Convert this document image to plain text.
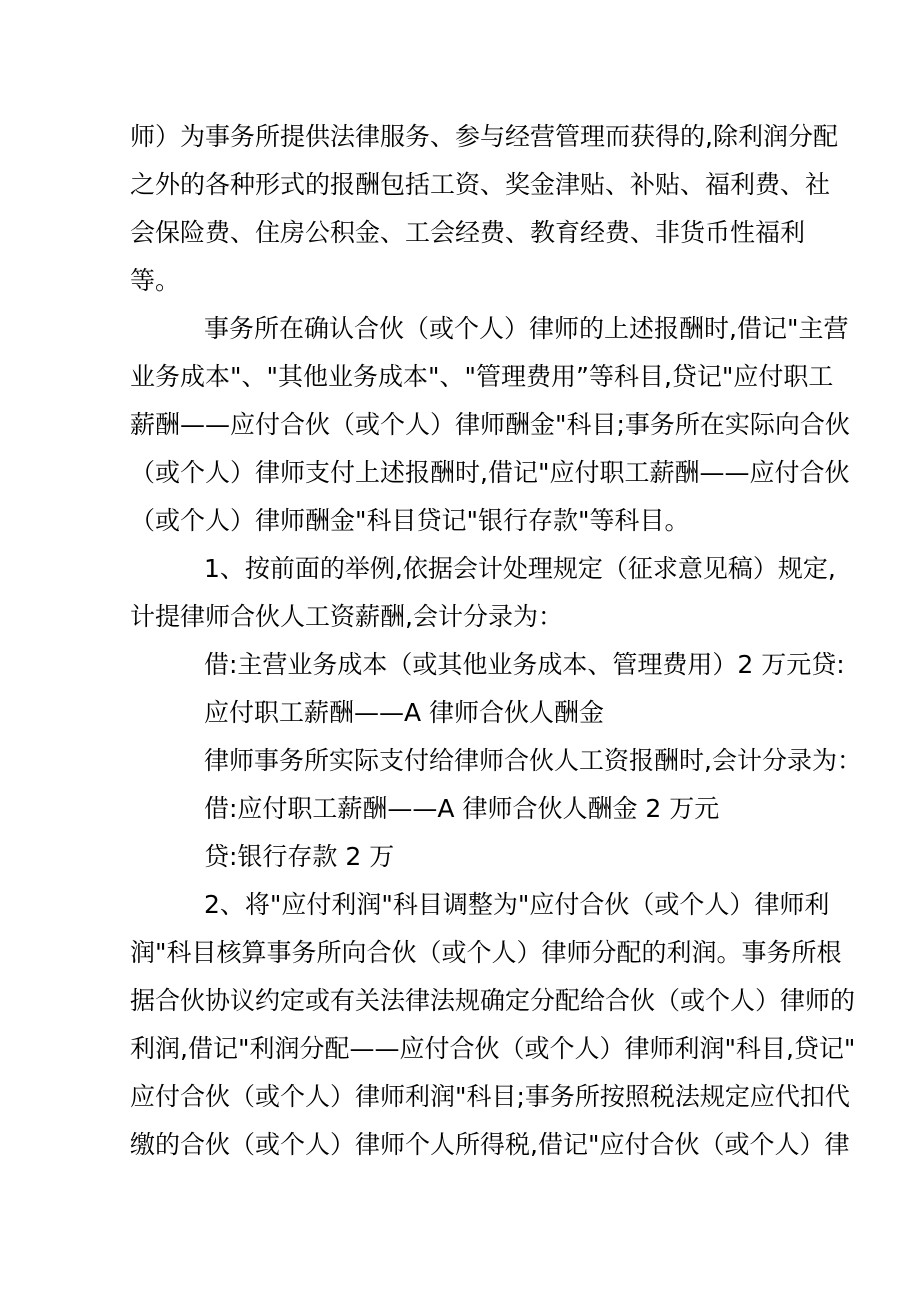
师）为事务所提供法律服务、参与经营管理而获得的,除利润分配
之外的各种形式的报酬包括工资、奖金津贴、补贴、福利费、社
会保险费、住房公积金、工会经费、教育经费、非货币性福利
等。
事务所在确认合伙（或个人）律师的上述报酬时,借记"主营
业务成本"、"其他业务成本"、"管理费用”等科目,贷记"应付职工
薪酬——应付合伙（或个人）律师酬金"科目;事务所在实际向合伙
（或个人）律师支付上述报酬时,借记"应付职工薪酬——应付合伙
（或个人）律师酬金"科目贷记"银行存款"等科目。
1、按前面的举例,依据会计处理规定（征求意见稿）规定,
计提律师合伙人工资薪酬,会计分录为：
借:主营业务成本（或其他业务成本、管理费用）2 万元贷:
应付职工薪酬——A 律师合伙人酬金
律师事务所实际支付给律师合伙人工资报酬时,会计分录为：
借:应付职工薪酬——A 律师合伙人酬金 2 万元
贷:银行存款 2 万
2、将"应付利润"科目调整为"应付合伙（或个人）律师利
润"科目核算事务所向合伙（或个人）律师分配的利润。事务所根
据合伙协议约定或有关法律法规确定分配给合伙（或个人）律师的
利润,借记"利润分配——应付合伙（或个人）律师利润"科目,贷记"
应付合伙（或个人）律师利润"科目;事务所按照税法规定应代扣代
缴的合伙（或个人）律师个人所得税,借记"应付合伙（或个人）律
